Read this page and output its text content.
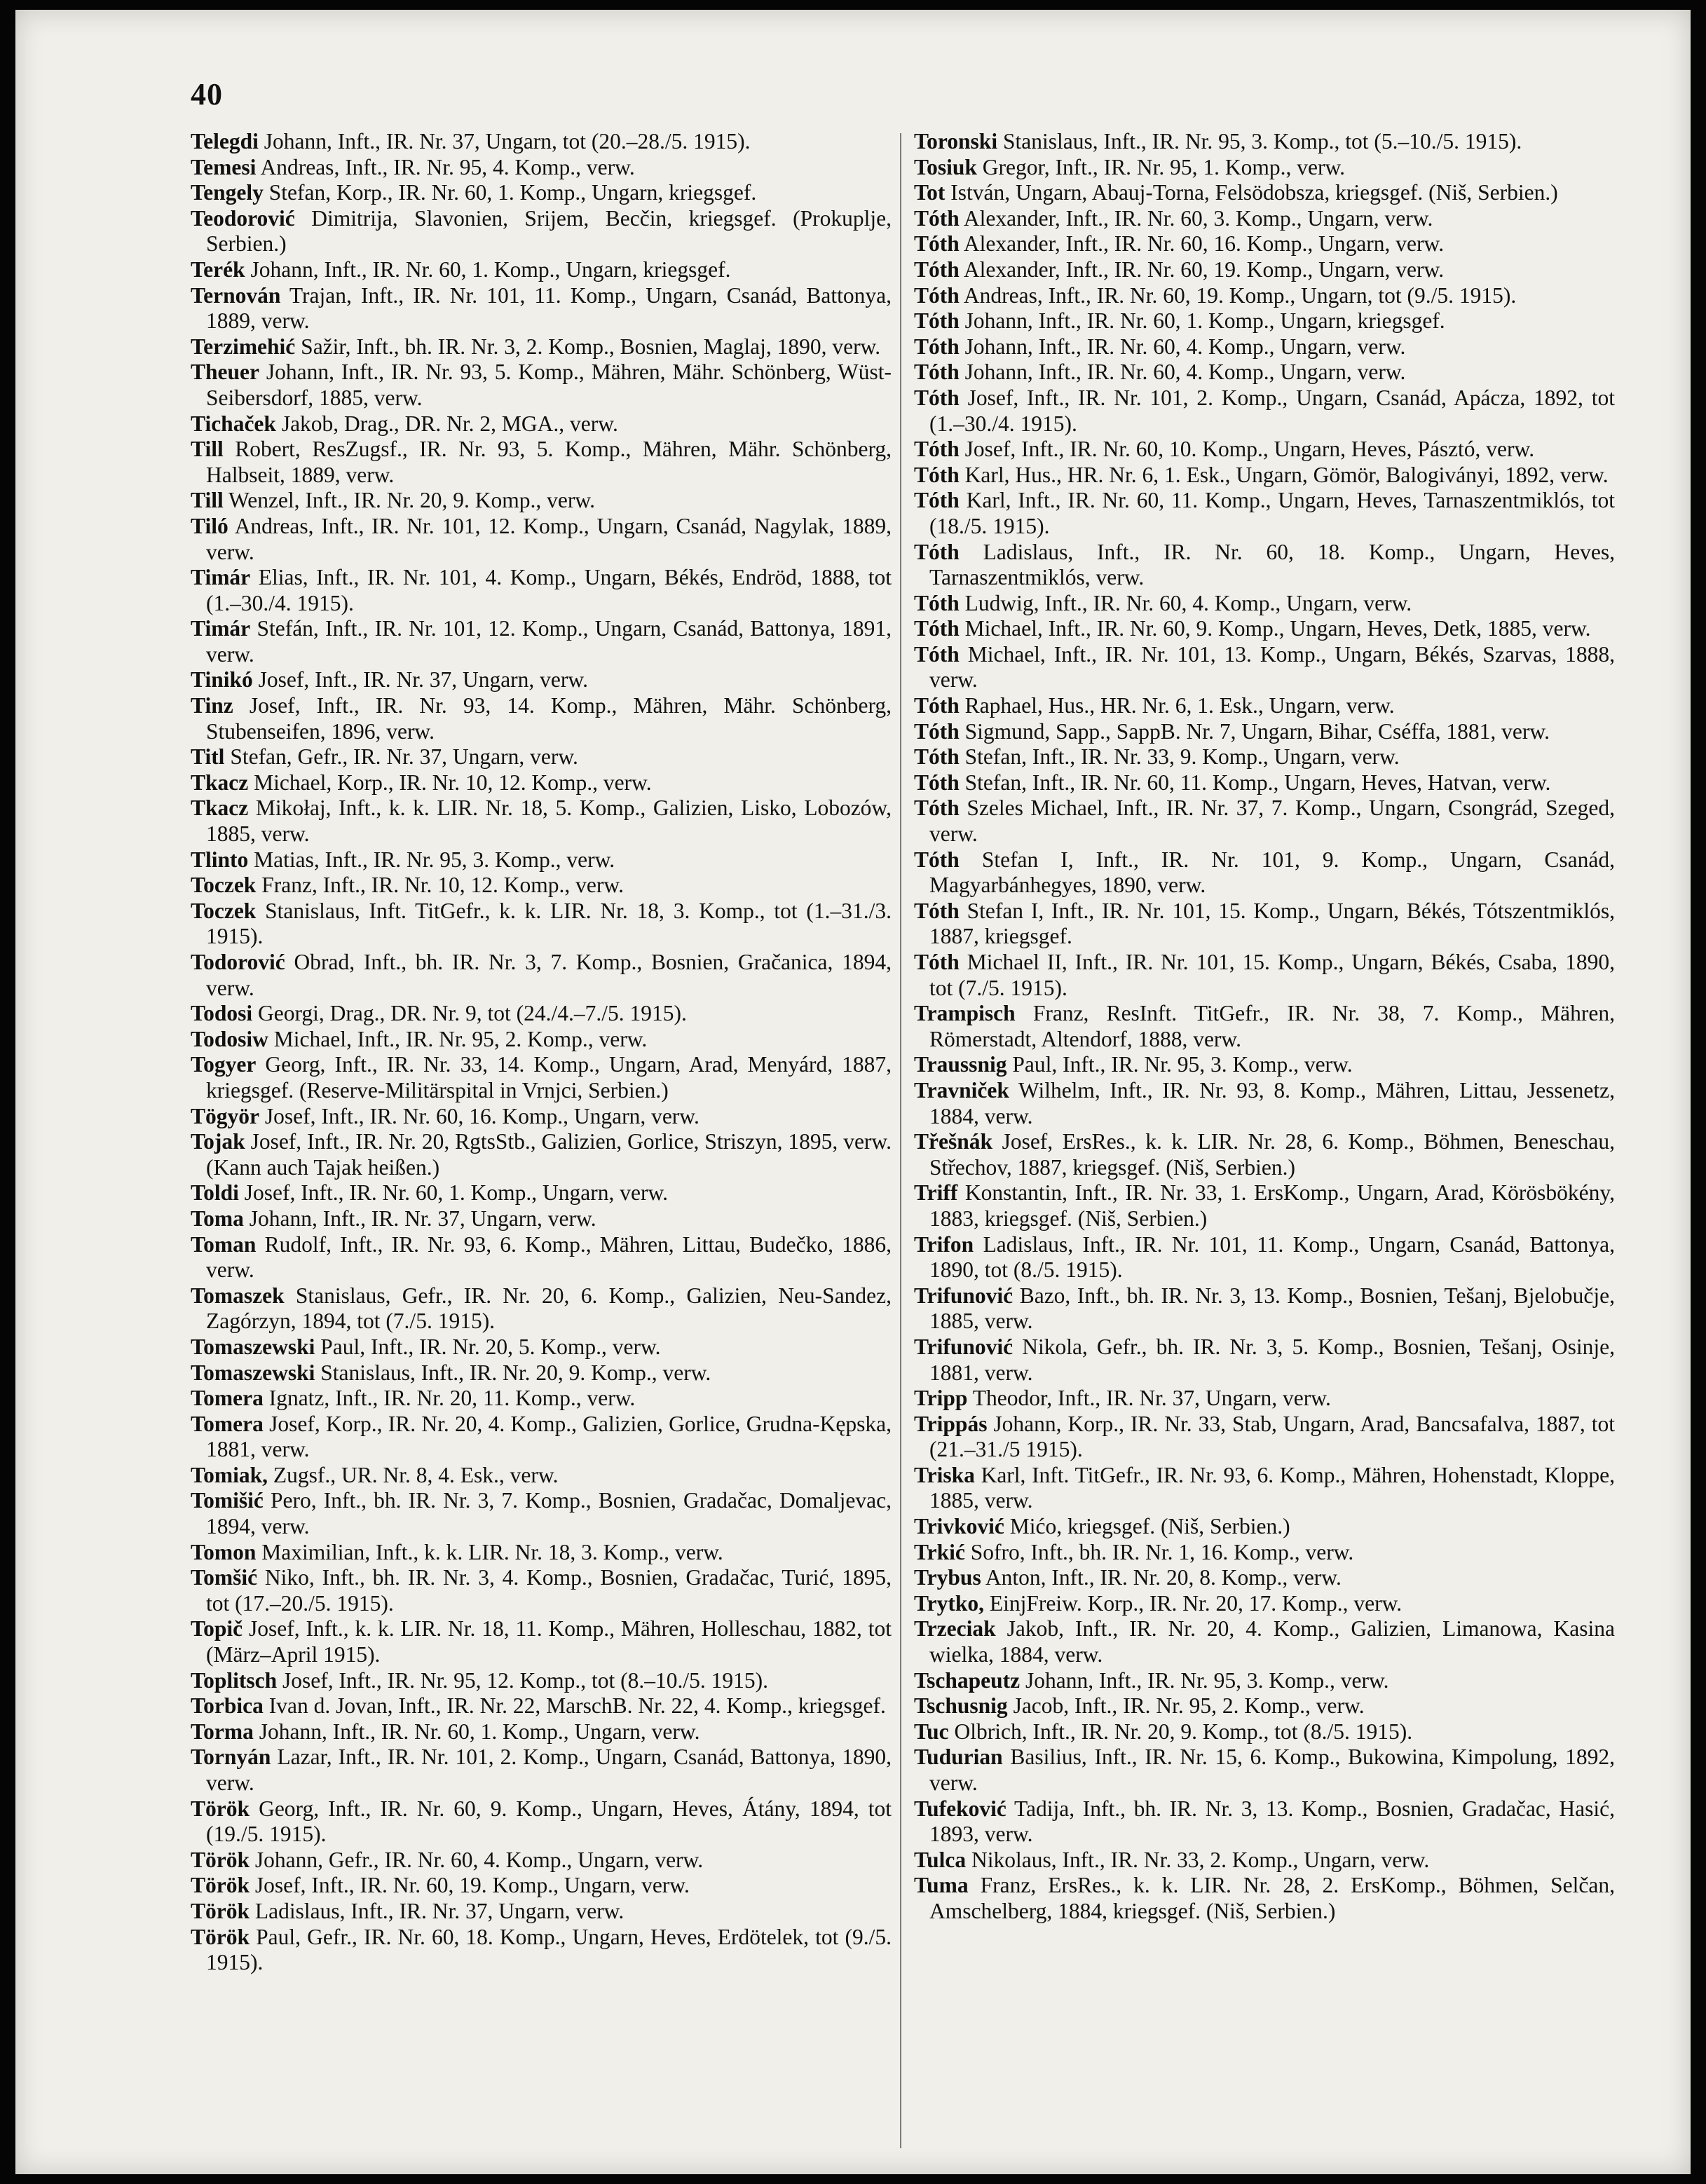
40

Telegdi Johann, Inft., IR. Nr. 37, Ungarn, tot (20.–28./5. 1915).

Temesi Andreas, Inft., IR. Nr. 95, 4. Komp., verw.

Tengely Stefan, Korp., IR. Nr. 60, 1. Komp., Ungarn, kriegsgef.

Teodorović Dimitrija, Slavonien, Srijem, Becčin, kriegsgef. (Prokuplje, Serbien.)

Terék Johann, Inft., IR. Nr. 60, 1. Komp., Ungarn, kriegsgef.

Ternován Trajan, Inft., IR. Nr. 101, 11. Komp., Ungarn, Csanád, Battonya, 1889, verw.

Terzimehić Sažir, Inft., bh. IR. Nr. 3, 2. Komp., Bosnien, Maglaj, 1890, verw.

Theuer Johann, Inft., IR. Nr. 93, 5. Komp., Mähren, Mähr. Schönberg, Wüst-Seibersdorf, 1885, verw.

Tichaček Jakob, Drag., DR. Nr. 2, MGA., verw.

Till Robert, ResZugsf., IR. Nr. 93, 5. Komp., Mähren, Mähr. Schönberg, Halbseit, 1889, verw.

Till Wenzel, Inft., IR. Nr. 20, 9. Komp., verw.

Tiló Andreas, Inft., IR. Nr. 101, 12. Komp., Ungarn, Csanád, Nagylak, 1889, verw.

Timár Elias, Inft., IR. Nr. 101, 4. Komp., Ungarn, Békés, Endröd, 1888, tot (1.–30./4. 1915).

Timár Stefán, Inft., IR. Nr. 101, 12. Komp., Ungarn, Csanád, Battonya, 1891, verw.

Tinikó Josef, Inft., IR. Nr. 37, Ungarn, verw.

Tinz Josef, Inft., IR. Nr. 93, 14. Komp., Mähren, Mähr. Schönberg, Stubenseifen, 1896, verw.

Titl Stefan, Gefr., IR. Nr. 37, Ungarn, verw.

Tkacz Michael, Korp., IR. Nr. 10, 12. Komp., verw.

Tkacz Mikołaj, Inft., k. k. LIR. Nr. 18, 5. Komp., Galizien, Lisko, Lobozów, 1885, verw.

Tlinto Matias, Inft., IR. Nr. 95, 3. Komp., verw.

Toczek Franz, Inft., IR. Nr. 10, 12. Komp., verw.

Toczek Stanislaus, Inft. TitGefr., k. k. LIR. Nr. 18, 3. Komp., tot (1.–31./3. 1915).

Todorović Obrad, Inft., bh. IR. Nr. 3, 7. Komp., Bosnien, Gračanica, 1894, verw.

Todosi Georgi, Drag., DR. Nr. 9, tot (24./4.–7./5. 1915).

Todosiw Michael, Inft., IR. Nr. 95, 2. Komp., verw.

Togyer Georg, Inft., IR. Nr. 33, 14. Komp., Ungarn, Arad, Menyárd, 1887, kriegsgef. (Reserve-Militärspital in Vrnjci, Serbien.)

Tögyör Josef, Inft., IR. Nr. 60, 16. Komp., Ungarn, verw.

Tojak Josef, Inft., IR. Nr. 20, RgtsStb., Galizien, Gorlice, Striszyn, 1895, verw. (Kann auch Tajak heißen.)

Toldi Josef, Inft., IR. Nr. 60, 1. Komp., Ungarn, verw.

Toma Johann, Inft., IR. Nr. 37, Ungarn, verw.

Toman Rudolf, Inft., IR. Nr. 93, 6. Komp., Mähren, Littau, Budečko, 1886, verw.

Tomaszek Stanislaus, Gefr., IR. Nr. 20, 6. Komp., Galizien, Neu-Sandez, Zagórzyn, 1894, tot (7./5. 1915).

Tomaszewski Paul, Inft., IR. Nr. 20, 5. Komp., verw.

Tomaszewski Stanislaus, Inft., IR. Nr. 20, 9. Komp., verw.

Tomera Ignatz, Inft., IR. Nr. 20, 11. Komp., verw.

Tomera Josef, Korp., IR. Nr. 20, 4. Komp., Galizien, Gorlice, Grudna-Kępska, 1881, verw.

Tomiak, Zugsf., UR. Nr. 8, 4. Esk., verw.

Tomišić Pero, Inft., bh. IR. Nr. 3, 7. Komp., Bosnien, Gradačac, Domaljevac, 1894, verw.

Tomon Maximilian, Inft., k. k. LIR. Nr. 18, 3. Komp., verw.

Tomšić Niko, Inft., bh. IR. Nr. 3, 4. Komp., Bosnien, Gradačac, Turić, 1895, tot (17.–20./5. 1915).

Topič Josef, Inft., k. k. LIR. Nr. 18, 11. Komp., Mähren, Holleschau, 1882, tot (März–April 1915).

Toplitsch Josef, Inft., IR. Nr. 95, 12. Komp., tot (8.–10./5. 1915).

Torbica Ivan d. Jovan, Inft., IR. Nr. 22, MarschB. Nr. 22, 4. Komp., kriegsgef.

Torma Johann, Inft., IR. Nr. 60, 1. Komp., Ungarn, verw.

Tornyán Lazar, Inft., IR. Nr. 101, 2. Komp., Ungarn, Csanád, Battonya, 1890, verw.

Török Georg, Inft., IR. Nr. 60, 9. Komp., Ungarn, Heves, Átány, 1894, tot (19./5. 1915).

Török Johann, Gefr., IR. Nr. 60, 4. Komp., Ungarn, verw.

Török Josef, Inft., IR. Nr. 60, 19. Komp., Ungarn, verw.

Török Ladislaus, Inft., IR. Nr. 37, Ungarn, verw.

Török Paul, Gefr., IR. Nr. 60, 18. Komp., Ungarn, Heves, Erdötelek, tot (9./5. 1915).

Toronski Stanislaus, Inft., IR. Nr. 95, 3. Komp., tot (5.–10./5. 1915).

Tosiuk Gregor, Inft., IR. Nr. 95, 1. Komp., verw.

Tot István, Ungarn, Abauj-Torna, Felsödobsza, kriegsgef. (Niš, Serbien.)

Tóth Alexander, Inft., IR. Nr. 60, 3. Komp., Ungarn, verw.

Tóth Alexander, Inft., IR. Nr. 60, 16. Komp., Ungarn, verw.

Tóth Alexander, Inft., IR. Nr. 60, 19. Komp., Ungarn, verw.

Tóth Andreas, Inft., IR. Nr. 60, 19. Komp., Ungarn, tot (9./5. 1915).

Tóth Johann, Inft., IR. Nr. 60, 1. Komp., Ungarn, kriegsgef.

Tóth Johann, Inft., IR. Nr. 60, 4. Komp., Ungarn, verw.

Tóth Johann, Inft., IR. Nr. 60, 4. Komp., Ungarn, verw.

Tóth Josef, Inft., IR. Nr. 101, 2. Komp., Ungarn, Csanád, Apácza, 1892, tot (1.–30./4. 1915).

Tóth Josef, Inft., IR. Nr. 60, 10. Komp., Ungarn, Heves, Pásztó, verw.

Tóth Karl, Hus., HR. Nr. 6, 1. Esk., Ungarn, Gömör, Balogiványi, 1892, verw.

Tóth Karl, Inft., IR. Nr. 60, 11. Komp., Ungarn, Heves, Tarnaszentmiklós, tot (18./5. 1915).

Tóth Ladislaus, Inft., IR. Nr. 60, 18. Komp., Ungarn, Heves, Tarnaszentmiklós, verw.

Tóth Ludwig, Inft., IR. Nr. 60, 4. Komp., Ungarn, verw.

Tóth Michael, Inft., IR. Nr. 60, 9. Komp., Ungarn, Heves, Detk, 1885, verw.

Tóth Michael, Inft., IR. Nr. 101, 13. Komp., Ungarn, Békés, Szarvas, 1888, verw.

Tóth Raphael, Hus., HR. Nr. 6, 1. Esk., Ungarn, verw.

Tóth Sigmund, Sapp., SappB. Nr. 7, Ungarn, Bihar, Cséffa, 1881, verw.

Tóth Stefan, Inft., IR. Nr. 33, 9. Komp., Ungarn, verw.

Tóth Stefan, Inft., IR. Nr. 60, 11. Komp., Ungarn, Heves, Hatvan, verw.

Tóth Szeles Michael, Inft., IR. Nr. 37, 7. Komp., Ungarn, Csongrád, Szeged, verw.

Tóth Stefan I, Inft., IR. Nr. 101, 9. Komp., Ungarn, Csanád, Magyarbánhegyes, 1890, verw.

Tóth Stefan I, Inft., IR. Nr. 101, 15. Komp., Ungarn, Békés, Tótszentmiklós, 1887, kriegsgef.

Tóth Michael II, Inft., IR. Nr. 101, 15. Komp., Ungarn, Békés, Csaba, 1890, tot (7./5. 1915).

Trampisch Franz, ResInft. TitGefr., IR. Nr. 38, 7. Komp., Mähren, Römerstadt, Altendorf, 1888, verw.

Traussnig Paul, Inft., IR. Nr. 95, 3. Komp., verw.

Travniček Wilhelm, Inft., IR. Nr. 93, 8. Komp., Mähren, Littau, Jessenetz, 1884, verw.

Třešnák Josef, ErsRes., k. k. LIR. Nr. 28, 6. Komp., Böhmen, Beneschau, Střechov, 1887, kriegsgef. (Niš, Serbien.)

Triff Konstantin, Inft., IR. Nr. 33, 1. ErsKomp., Ungarn, Arad, Körösbökény, 1883, kriegsgef. (Niš, Serbien.)

Trifon Ladislaus, Inft., IR. Nr. 101, 11. Komp., Ungarn, Csanád, Battonya, 1890, tot (8./5. 1915).

Trifunović Bazo, Inft., bh. IR. Nr. 3, 13. Komp., Bosnien, Tešanj, Bjelobučje, 1885, verw.

Trifunović Nikola, Gefr., bh. IR. Nr. 3, 5. Komp., Bosnien, Tešanj, Osinje, 1881, verw.

Tripp Theodor, Inft., IR. Nr. 37, Ungarn, verw.

Trippás Johann, Korp., IR. Nr. 33, Stab, Ungarn, Arad, Bancsafalva, 1887, tot (21.–31./5 1915).

Triska Karl, Inft. TitGefr., IR. Nr. 93, 6. Komp., Mähren, Hohenstadt, Kloppe, 1885, verw.

Trivković Mićo, kriegsgef. (Niš, Serbien.)

Trkić Sofro, Inft., bh. IR. Nr. 1, 16. Komp., verw.

Trybus Anton, Inft., IR. Nr. 20, 8. Komp., verw.

Trytko, EinjFreiw. Korp., IR. Nr. 20, 17. Komp., verw.

Trzeciak Jakob, Inft., IR. Nr. 20, 4. Komp., Galizien, Limanowa, Kasina wielka, 1884, verw.

Tschapeutz Johann, Inft., IR. Nr. 95, 3. Komp., verw.

Tschusnig Jacob, Inft., IR. Nr. 95, 2. Komp., verw.

Tuc Olbrich, Inft., IR. Nr. 20, 9. Komp., tot (8./5. 1915).

Tudurian Basilius, Inft., IR. Nr. 15, 6. Komp., Bukowina, Kimpolung, 1892, verw.

Tufeković Tadija, Inft., bh. IR. Nr. 3, 13. Komp., Bosnien, Gradačac, Hasić, 1893, verw.

Tulca Nikolaus, Inft., IR. Nr. 33, 2. Komp., Ungarn, verw.

Tuma Franz, ErsRes., k. k. LIR. Nr. 28, 2. ErsKomp., Böhmen, Selčan, Amschelberg, 1884, kriegsgef. (Niš, Serbien.)
